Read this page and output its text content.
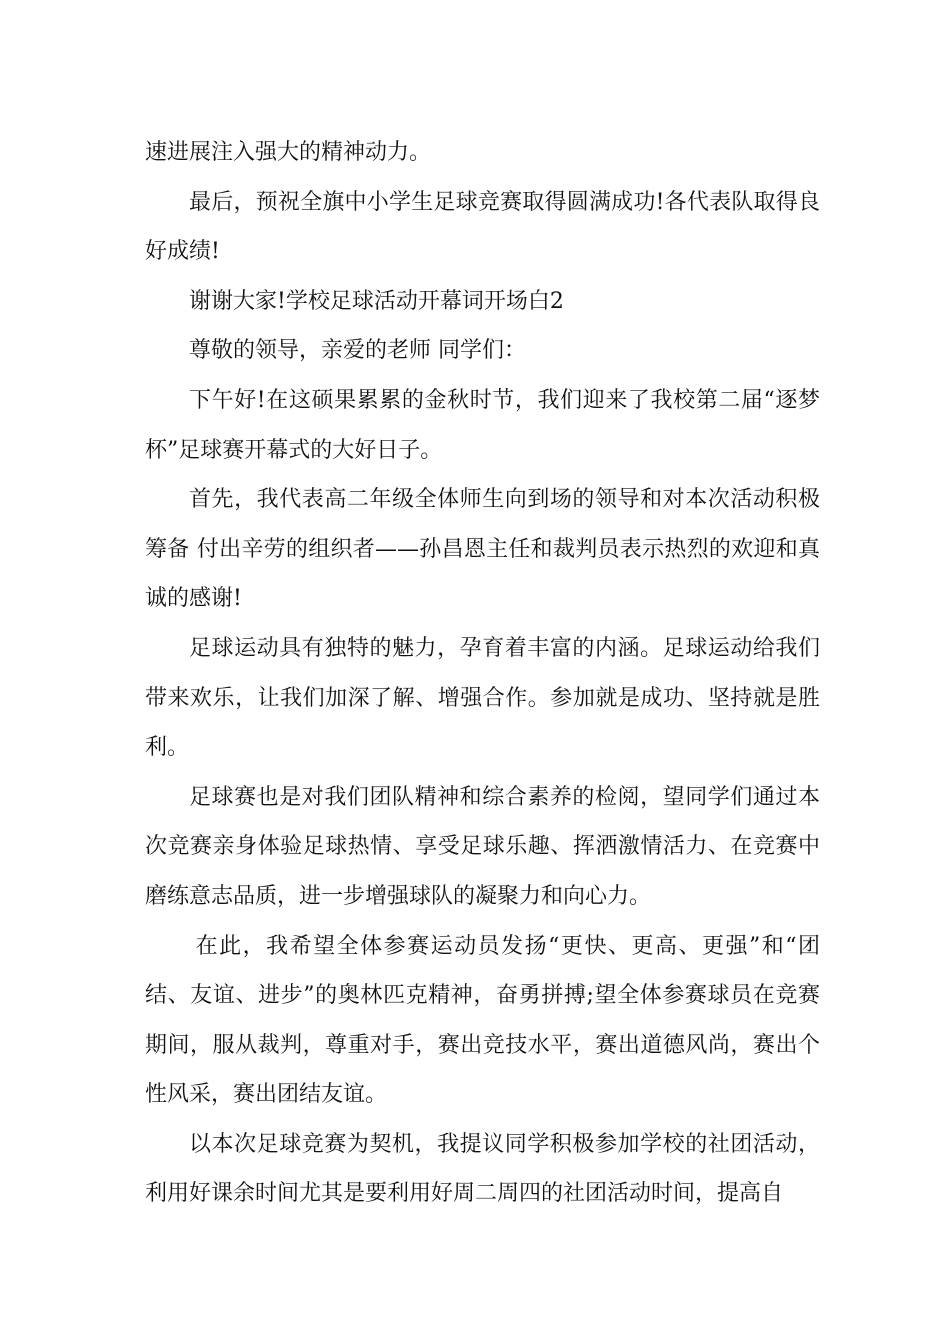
速进展注入强大的精神动力。

最后，预祝全旗中小学生足球竞赛取得圆满成功!各代表队取得良好成绩!

谢谢大家!学校足球活动开幕词开场白2

尊敬的领导，亲爱的老师 同学们：

下午好!在这硕果累累的金秋时节，我们迎来了我校第二届“逐梦杯”足球赛开幕式的大好日子。

首先，我代表高二年级全体师生向到场的领导和对本次活动积极筹备 付出辛劳的组织者——孙昌恩主任和裁判员表示热烈的欢迎和真诚的感谢!

足球运动具有独特的魅力，孕育着丰富的内涵。足球运动给我们带来欢乐，让我们加深了解、增强合作。参加就是成功、坚持就是胜利。

足球赛也是对我们团队精神和综合素养的检阅，望同学们通过本次竞赛亲身体验足球热情、享受足球乐趣、挥洒激情活力、在竞赛中磨练意志品质，进一步增强球队的凝聚力和向心力。

在此，我希望全体参赛运动员发扬“更快、更高、更强”和“团结、友谊、进步”的奥林匹克精神，奋勇拼搏;望全体参赛球员在竞赛期间，服从裁判，尊重对手，赛出竞技水平，赛出道德风尚，赛出个性风采，赛出团结友谊。

以本次足球竞赛为契机，我提议同学积极参加学校的社团活动，利用好课余时间尤其是要利用好周二周四的社团活动时间，提高自
